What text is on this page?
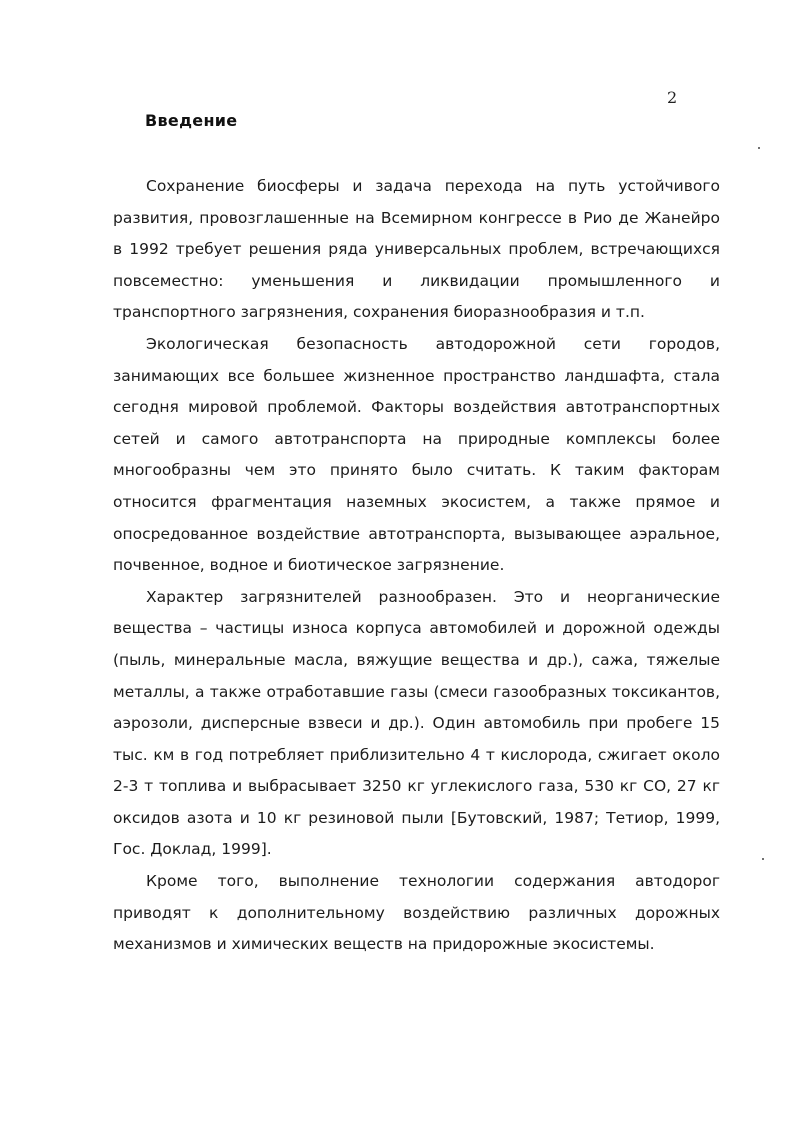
2
Введение

Сохранение биосферы и задача перехода на путь устойчивого развития, провозглашенные на Всемирном конгрессе в Рио де Жанейро в 1992 требует решения ряда универсальных проблем, встречающихся повсеместно: уменьшения и ликвидации промышленного и транспортного загрязнения, сохранения биоразнообразия и т.п.

Экологическая безопасность автодорожной сети городов, занимающих все большее жизненное пространство ландшафта, стала сегодня мировой проблемой. Факторы воздействия автотранспортных сетей и самого автотранспорта на природные комплексы более многообразны чем это принято было считать. К таким факторам относится фрагментация наземных экосистем, а также прямое и опосредованное воздействие автотранспорта, вызывающее аэральное, почвенное, водное и биотическое загрязнение.

Характер загрязнителей разнообразен. Это и неорганические вещества – частицы износа корпуса автомобилей и дорожной одежды (пыль, минеральные масла, вяжущие вещества и др.), сажа, тяжелые металлы, а также отработавшие газы (смеси газообразных токсикантов, аэрозоли, дисперсные взвеси и др.). Один автомобиль при пробеге 15 тыс. км в год потребляет приблизительно 4 т кислорода, сжигает около 2-3 т топлива и выбрасывает 3250 кг углекислого газа, 530 кг СО, 27 кг оксидов азота и 10 кг резиновой пыли [Бутовский, 1987; Тетиор, 1999, Гос. Доклад, 1999].

Кроме того, выполнение технологии содержания автодорог приводят к дополнительному воздействию различных дорожных механизмов и химических веществ на придорожные экосистемы.
